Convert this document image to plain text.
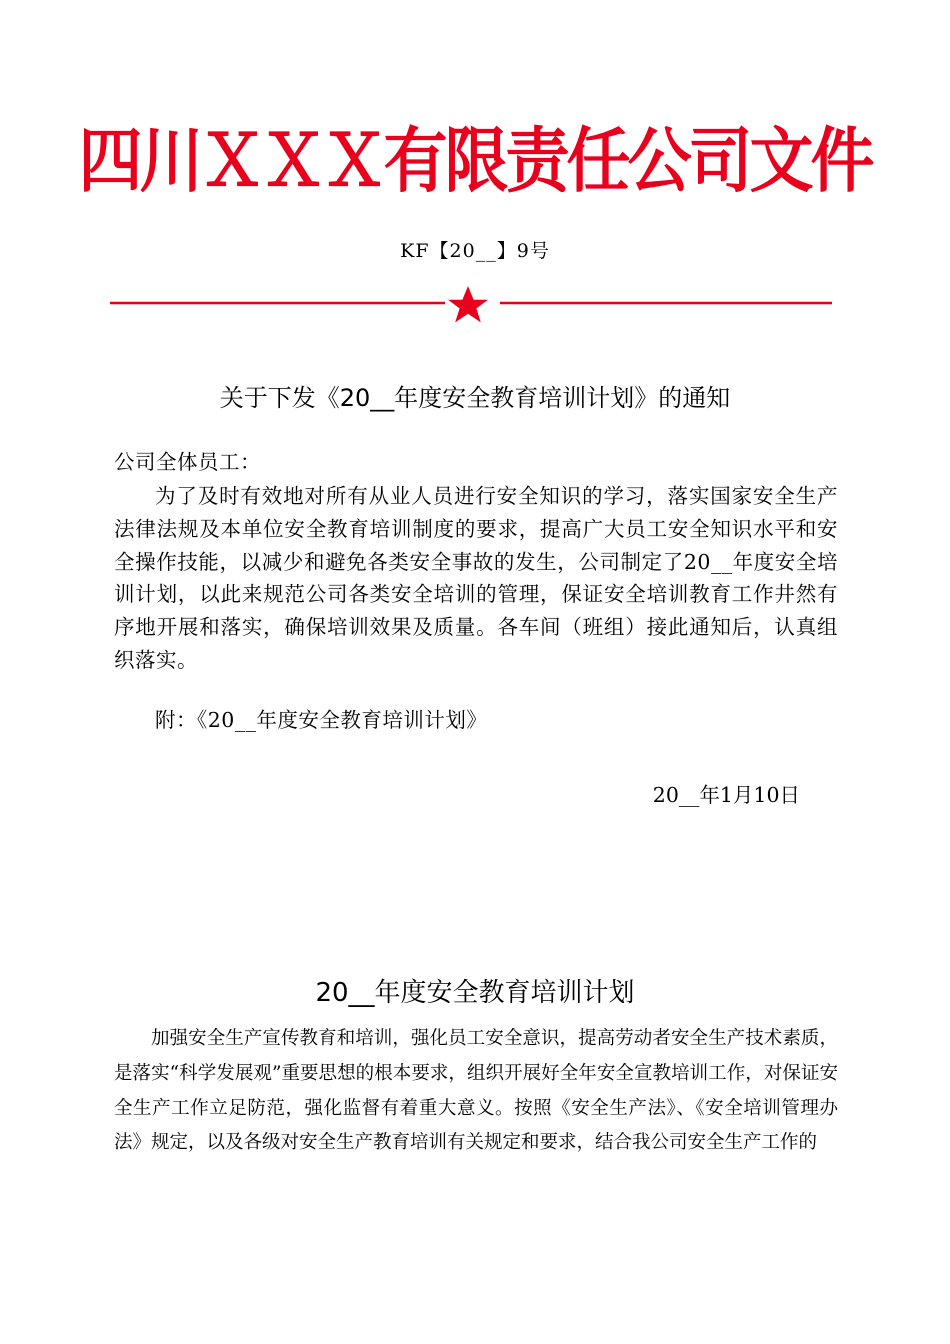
四川ＸＸＸ有限责任公司文件
KF【20__】9号
关于下发《20__年度安全教育培训计划》的通知

公司全体员工：

为了及时有效地对所有从业人员进行安全知识的学习，落实国家安全生产法律法规及本单位安全教育培训制度的要求，提高广大员工安全知识水平和安全操作技能，以减少和避免各类安全事故的发生，公司制定了20__年度安全培训计划，以此来规范公司各类安全培训的管理，保证安全培训教育工作井然有序地开展和落实，确保培训效果及质量。各车间（班组）接此通知后，认真组织落实。

附：《20__年度安全教育培训计划》

20__年1月10日
20__年度安全教育培训计划

加强安全生产宣传教育和培训，强化员工安全意识，提高劳动者安全生产技术素质，是落实“科学发展观”重要思想的根本要求，组织开展好全年安全宣教培训工作，对保证安全生产工作立足防范，强化监督有着重大意义。按照《安全生产法》、《安全培训管理办法》规定，以及各级对安全生产教育培训有关规定和要求，结合我公司安全生产工作的
